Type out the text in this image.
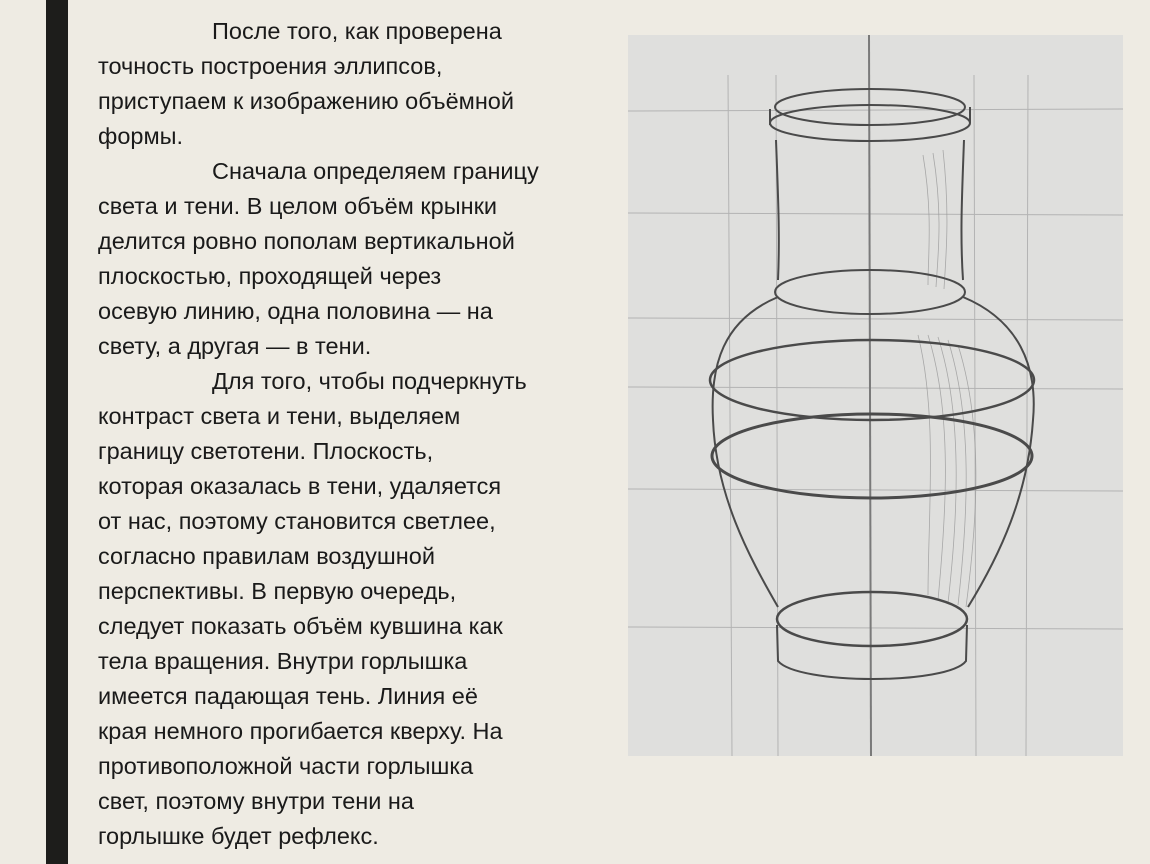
После того, как проверена
точность построения эллипсов,
приступаем к изображению объёмной
формы.

Сначала определяем границу
света и тени. В целом объём крынки
делится ровно пополам вертикальной
плоскостью, проходящей через
осевую линию, одна половина — на
свету, а другая — в тени.

Для того, чтобы подчеркнуть
контраст света и тени, выделяем
границу светотени. Плоскость,
которая оказалась в тени, удаляется
от нас, поэтому становится светлее,
согласно правилам воздушной
перспективы. В первую очередь,
следует показать объём кувшина как
тела вращения. Внутри горлышка
имеется падающая тень. Линия её
края немного прогибается кверху. На
противоположной части горлышка
свет, поэтому внутри тени на
горлышке будет рефлекс.
